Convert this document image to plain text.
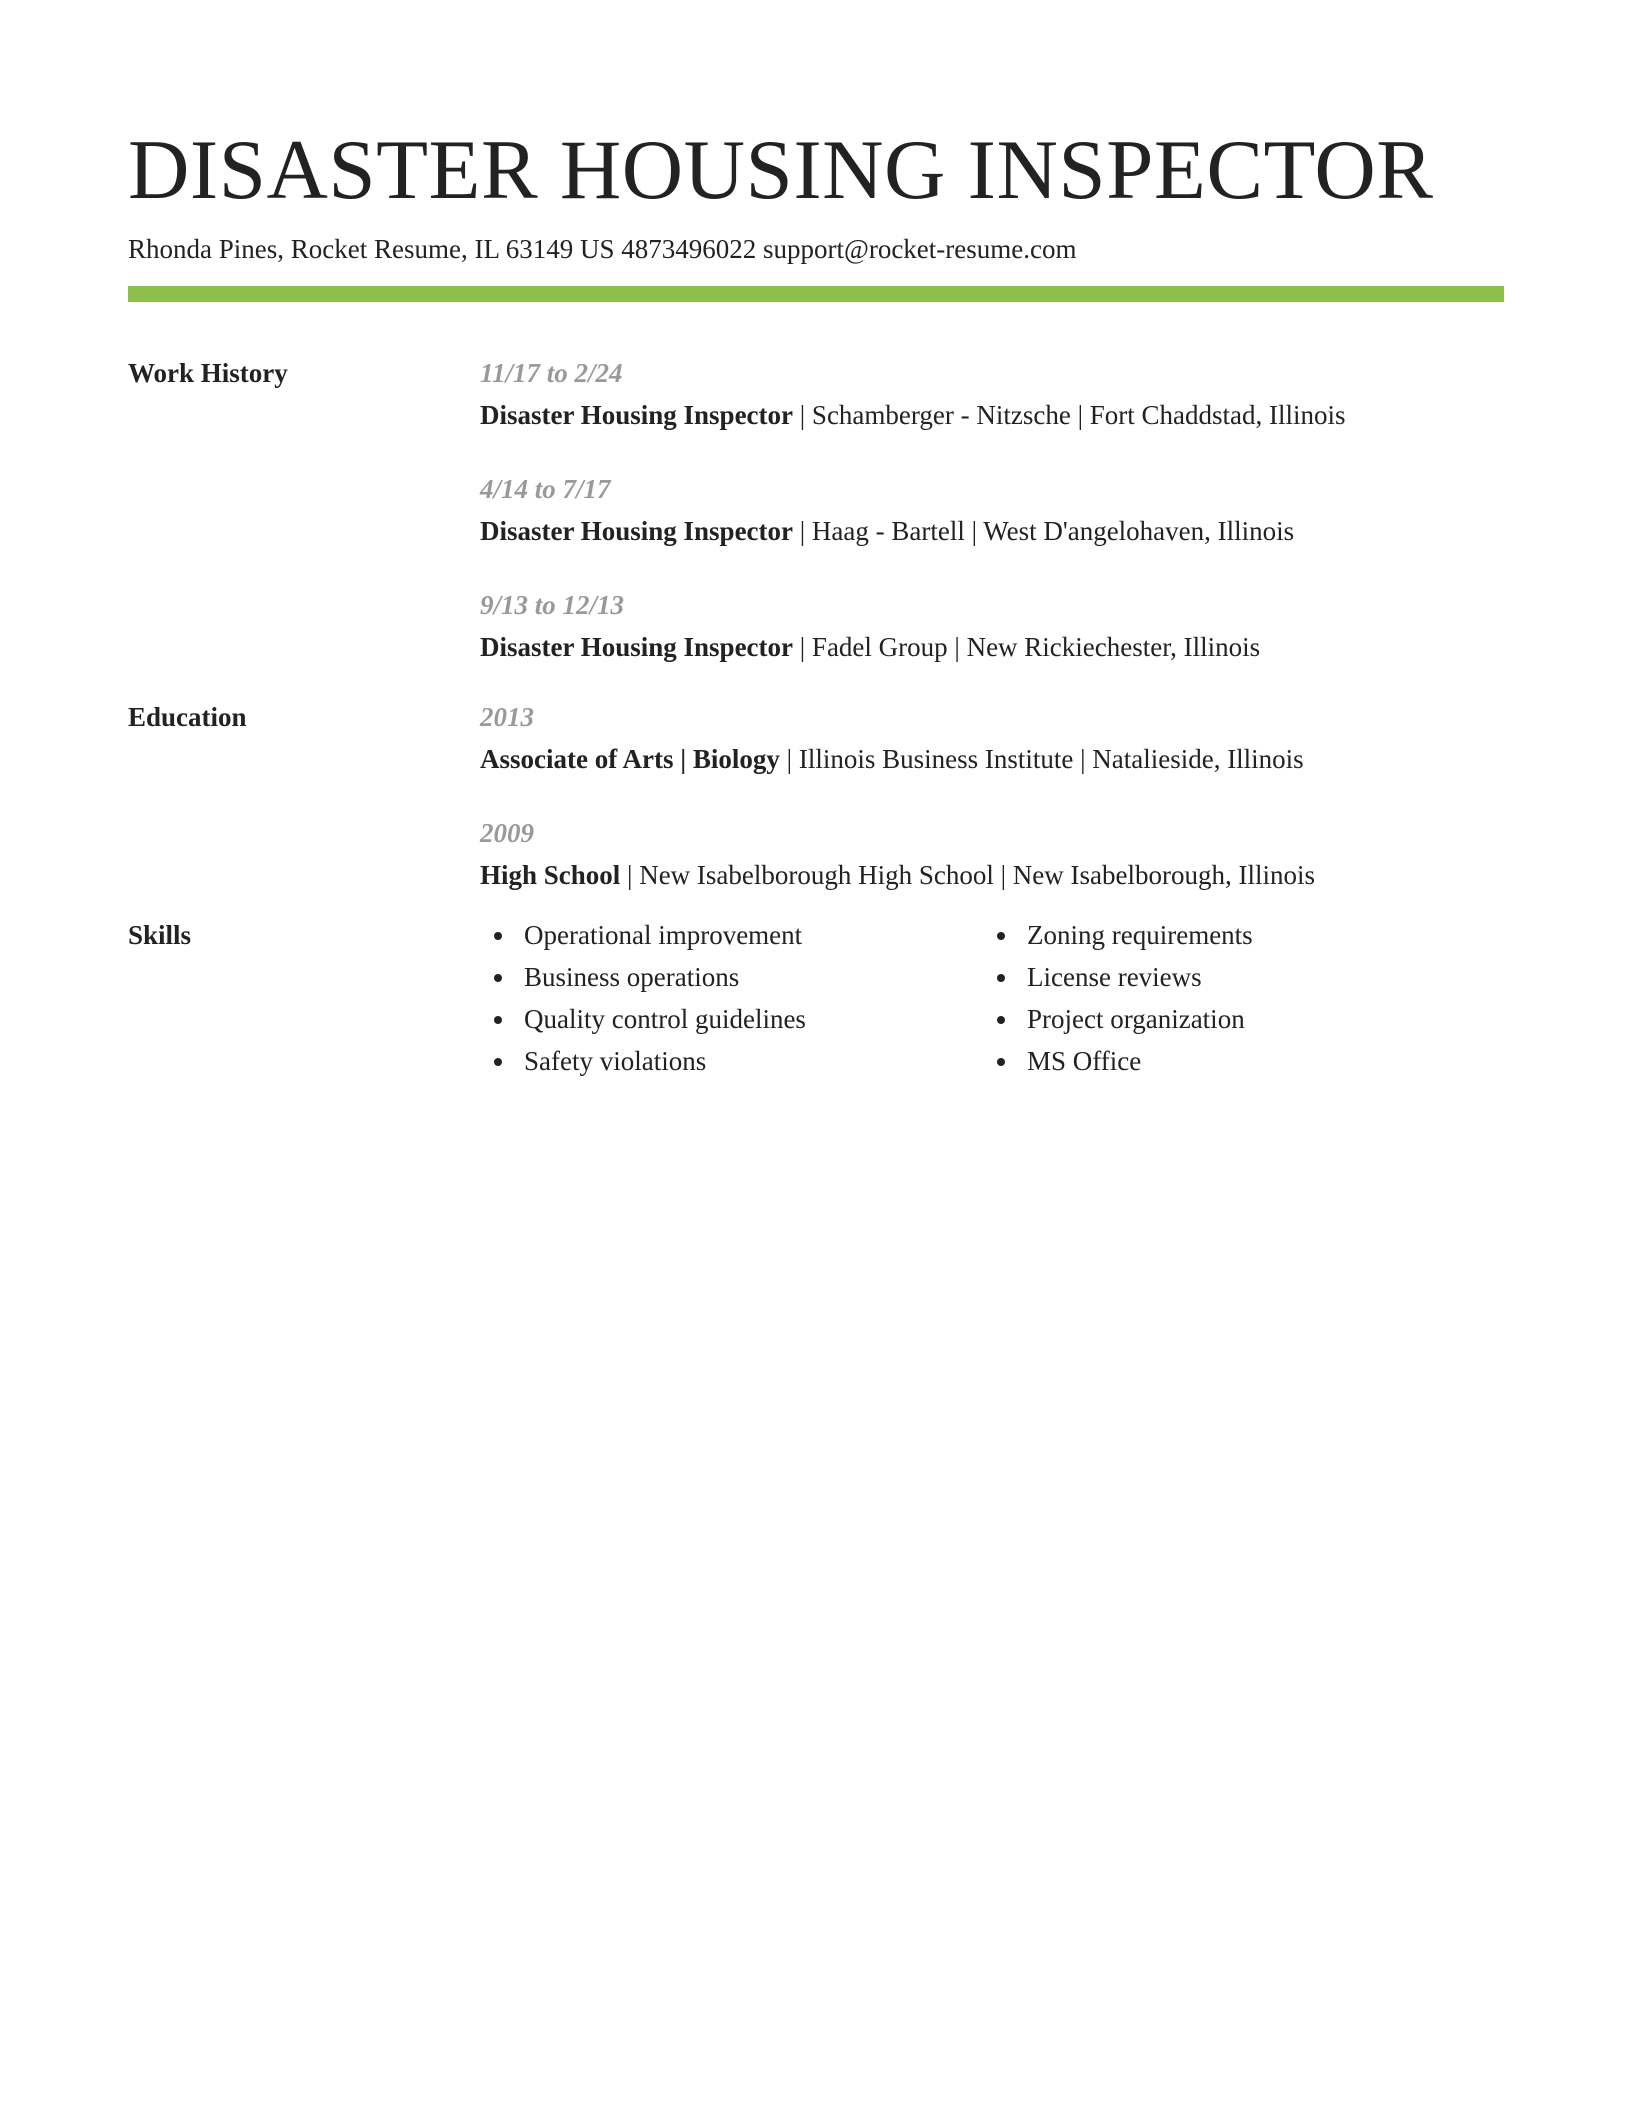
DISASTER HOUSING INSPECTOR
Rhonda Pines, Rocket Resume, IL 63149 US 4873496022 support@rocket-resume.com
Work History	11/17 to 2/24
Disaster Housing Inspector | Schamberger - Nitzsche | Fort Chaddstad, Illinois
4/14 to 7/17
Disaster Housing Inspector | Haag - Bartell | West D'angelohaven, Illinois
9/13 to 12/13
Disaster Housing Inspector | Fadel Group | New Rickiechester, Illinois
Education	2013
Associate of Arts | Biology | Illinois Business Institute | Natalieside, Illinois
2009
High School | New Isabelborough High School | New Isabelborough, Illinois
Skills	Operational improvement
Business operations
Quality control guidelines
Safety violations
Zoning requirements
License reviews
Project organization
MS Office
